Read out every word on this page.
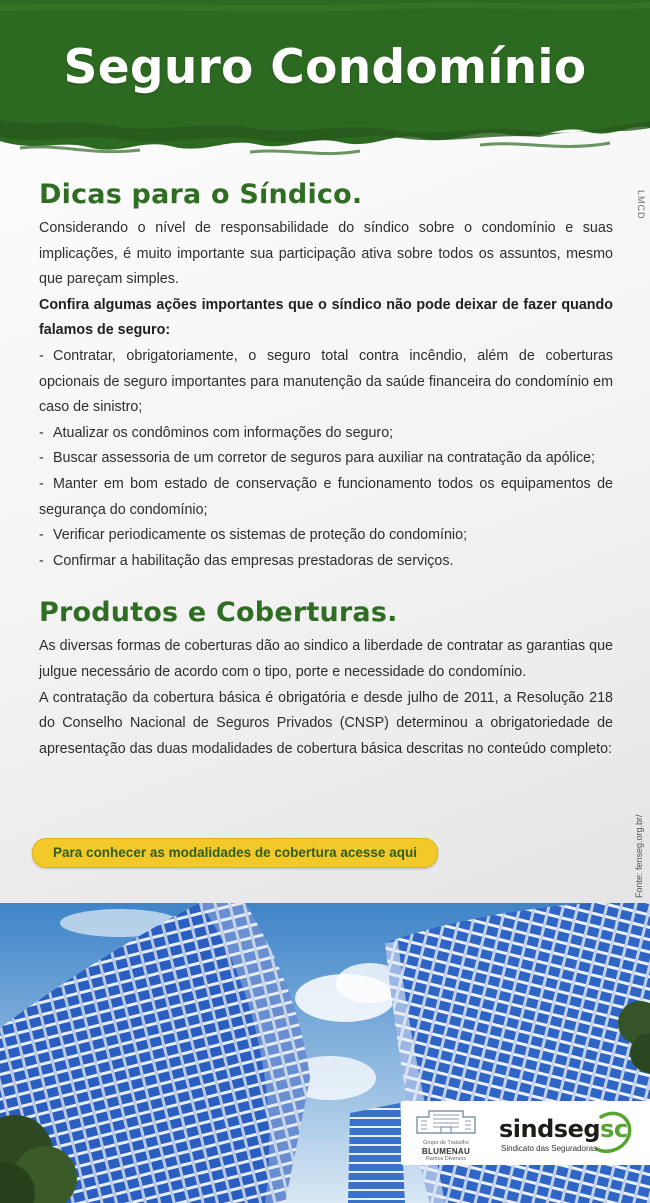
Seguro Condomínio
LMCD
Dicas para o Síndico.

Considerando o nível de responsabilidade do síndico sobre o condomínio e suas implicações, é muito importante sua participação ativa sobre todos os assuntos, mesmo que pareçam simples.

Confira algumas ações importantes que o síndico não pode deixar de fazer quando falamos de seguro:

- Contratar, obrigatoriamente, o seguro total contra incêndio, além de coberturas opcionais de seguro importantes para manutenção da saúde financeira do condomínio em caso de sinistro;
- Atualizar os condôminos com informações do seguro;
- Buscar assessoria de um corretor de seguros para auxiliar na contratação da apólice;
- Manter em bom estado de conservação e funcionamento todos os equipamentos de segurança do condomínio;
- Verificar periodicamente os sistemas de proteção do condomínio;
- Confirmar a habilitação das empresas prestadoras de serviços.
Produtos e Coberturas.

As diversas formas de coberturas dão ao sindico a liberdade de contratar as garantias que julgue necessário de acordo com o tipo, porte e necessidade do condomínio.

A contratação da cobertura básica é obrigatória e desde julho de 2011, a Resolução 218 do Conselho Nacional de Seguros Privados (CNSP) determinou a obrigatoriedade de apresentação das duas modalidades de cobertura básica descritas no conteúdo completo:

Para conhecer as modalidades de cobertura acesse aqui	Fonte: fenseg.org.br/
Grupo de Trabalho
BLUMENAU
Ramos Diversos
sindsegsc
Sindicato das Seguradoras
